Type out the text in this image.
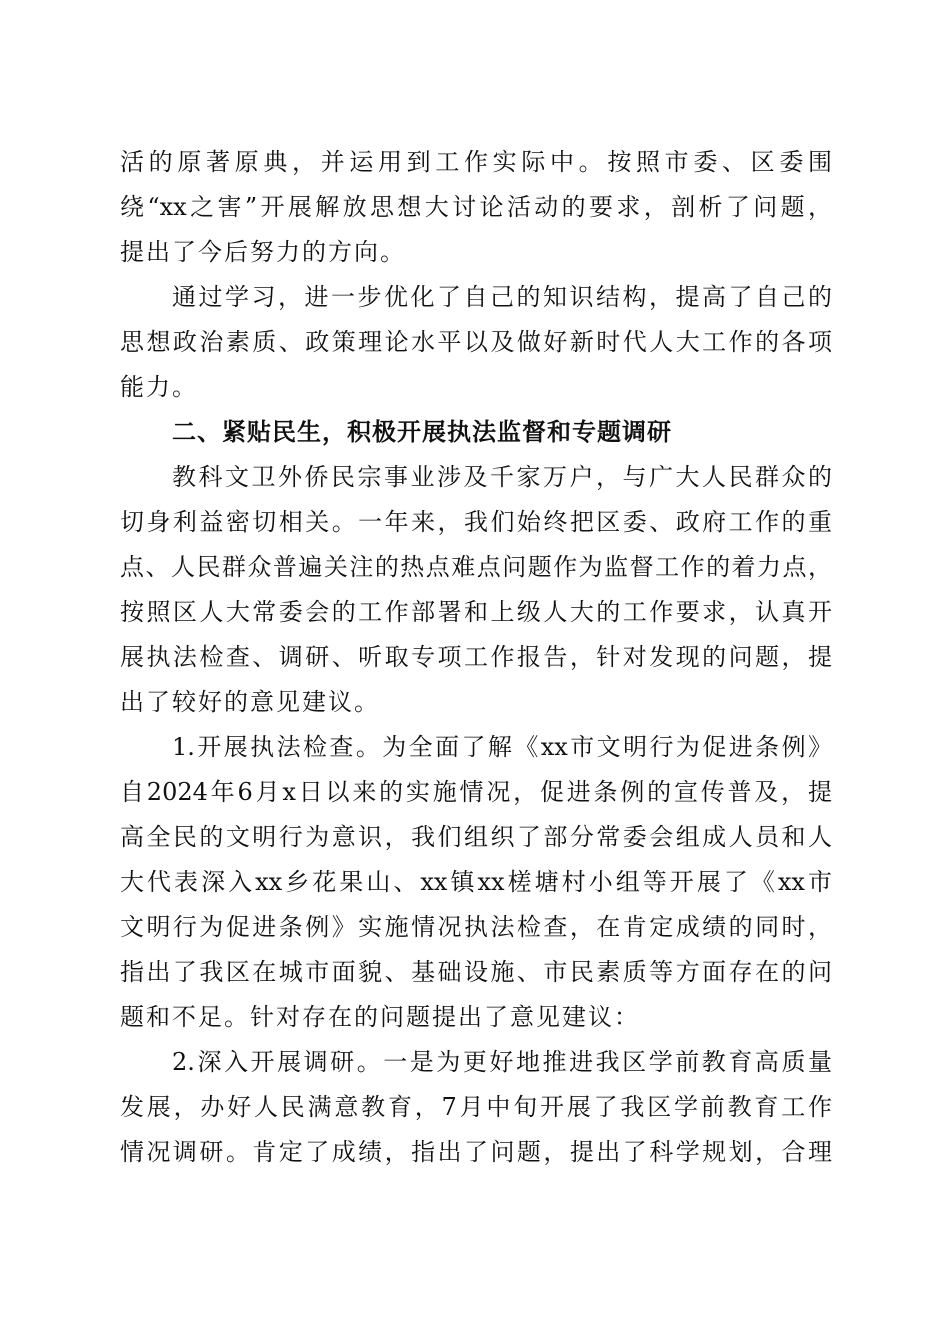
活的原著原典，并运用到工作实际中。按照市委、区委围
绕“xx之害”开展解放思想大讨论活动的要求，剖析了问题，
提出了今后努力的方向。
通过学习，进一步优化了自己的知识结构，提高了自己的
思想政治素质、政策理论水平以及做好新时代人大工作的各项
能力。
二、紧贴民生，积极开展执法监督和专题调研
教科文卫外侨民宗事业涉及千家万户，与广大人民群众的
切身利益密切相关。一年来，我们始终把区委、政府工作的重
点、人民群众普遍关注的热点难点问题作为监督工作的着力点，
按照区人大常委会的工作部署和上级人大的工作要求，认真开
展执法检查、调研、听取专项工作报告，针对发现的问题，提
出了较好的意见建议。
1.开展执法检查。为全面了解《xx市文明行为促进条例》
自2024年6月x日以来的实施情况，促进条例的宣传普及，提
高全民的文明行为意识，我们组织了部分常委会组成人员和人
大代表深入xx乡花果山、xx镇xx槎塘村小组等开展了《xx市
文明行为促进条例》实施情况执法检查，在肯定成绩的同时，
指出了我区在城市面貌、基础设施、市民素质等方面存在的问
题和不足。针对存在的问题提出了意见建议：
2.深入开展调研。一是为更好地推进我区学前教育高质量
发展，办好人民满意教育，7月中旬开展了我区学前教育工作
情况调研。肯定了成绩，指出了问题，提出了科学规划，合理
